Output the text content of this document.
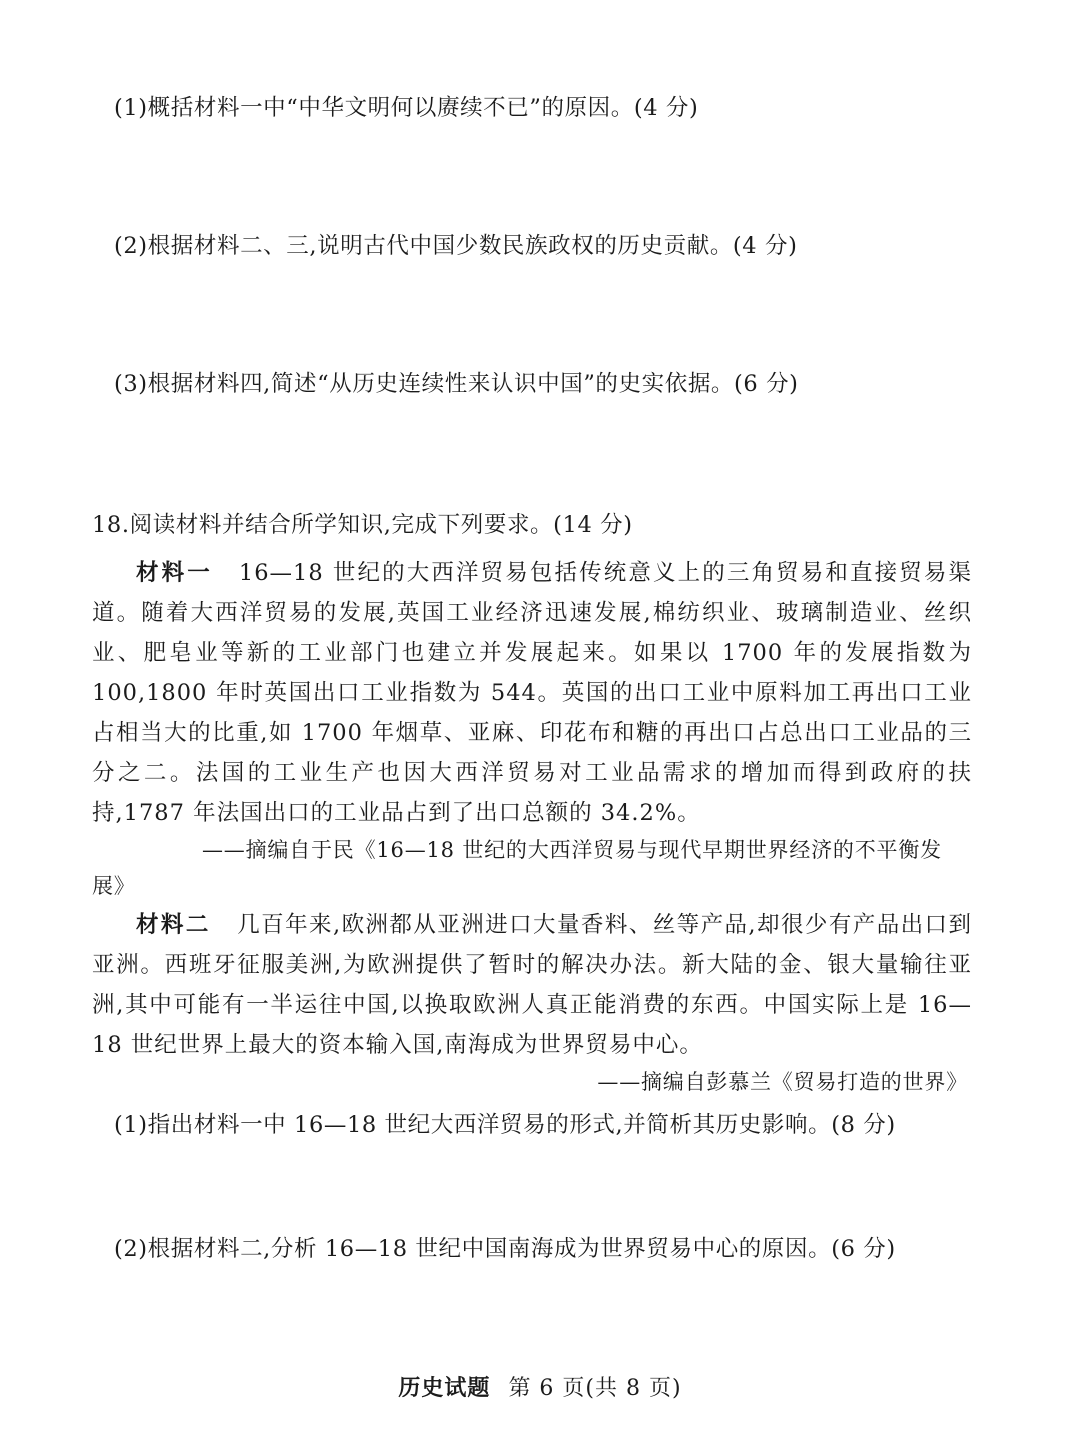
(1)概括材料一中“中华文明何以赓续不已”的原因。(4 分)

(2)根据材料二、三,说明古代中国少数民族政权的历史贡献。(4 分)

(3)根据材料四,简述“从历史连续性来认识中国”的史实依据。(6 分)

18.阅读材料并结合所学知识,完成下列要求。(14 分)

材料一 16—18 世纪的大西洋贸易包括传统意义上的三角贸易和直接贸易渠道。随着大西洋贸易的发展,英国工业经济迅速发展,棉纺织业、玻璃制造业、丝织业、肥皂业等新的工业部门也建立并发展起来。如果以 1700 年的发展指数为 100,1800 年时英国出口工业指数为 544。英国的出口工业中原料加工再出口工业占相当大的比重,如 1700 年烟草、亚麻、印花布和糖的再出口占总出口工业品的三分之二。法国的工业生产也因大西洋贸易对工业品需求的增加而得到政府的扶持,1787 年法国出口的工业品占到了出口总额的 34.2%。

——摘编自于民《16—18 世纪的大西洋贸易与现代早期世界经济的不平衡发展》

材料二 几百年来,欧洲都从亚洲进口大量香料、丝等产品,却很少有产品出口到亚洲。西班牙征服美洲,为欧洲提供了暂时的解决办法。新大陆的金、银大量输往亚洲,其中可能有一半运往中国,以换取欧洲人真正能消费的东西。中国实际上是 16—18 世纪世界上最大的资本输入国,南海成为世界贸易中心。

——摘编自彭慕兰《贸易打造的世界》

(1)指出材料一中 16—18 世纪大西洋贸易的形式,并简析其历史影响。(8 分)

(2)根据材料二,分析 16—18 世纪中国南海成为世界贸易中心的原因。(6 分)

历史试题 第 6 页(共 8 页)
